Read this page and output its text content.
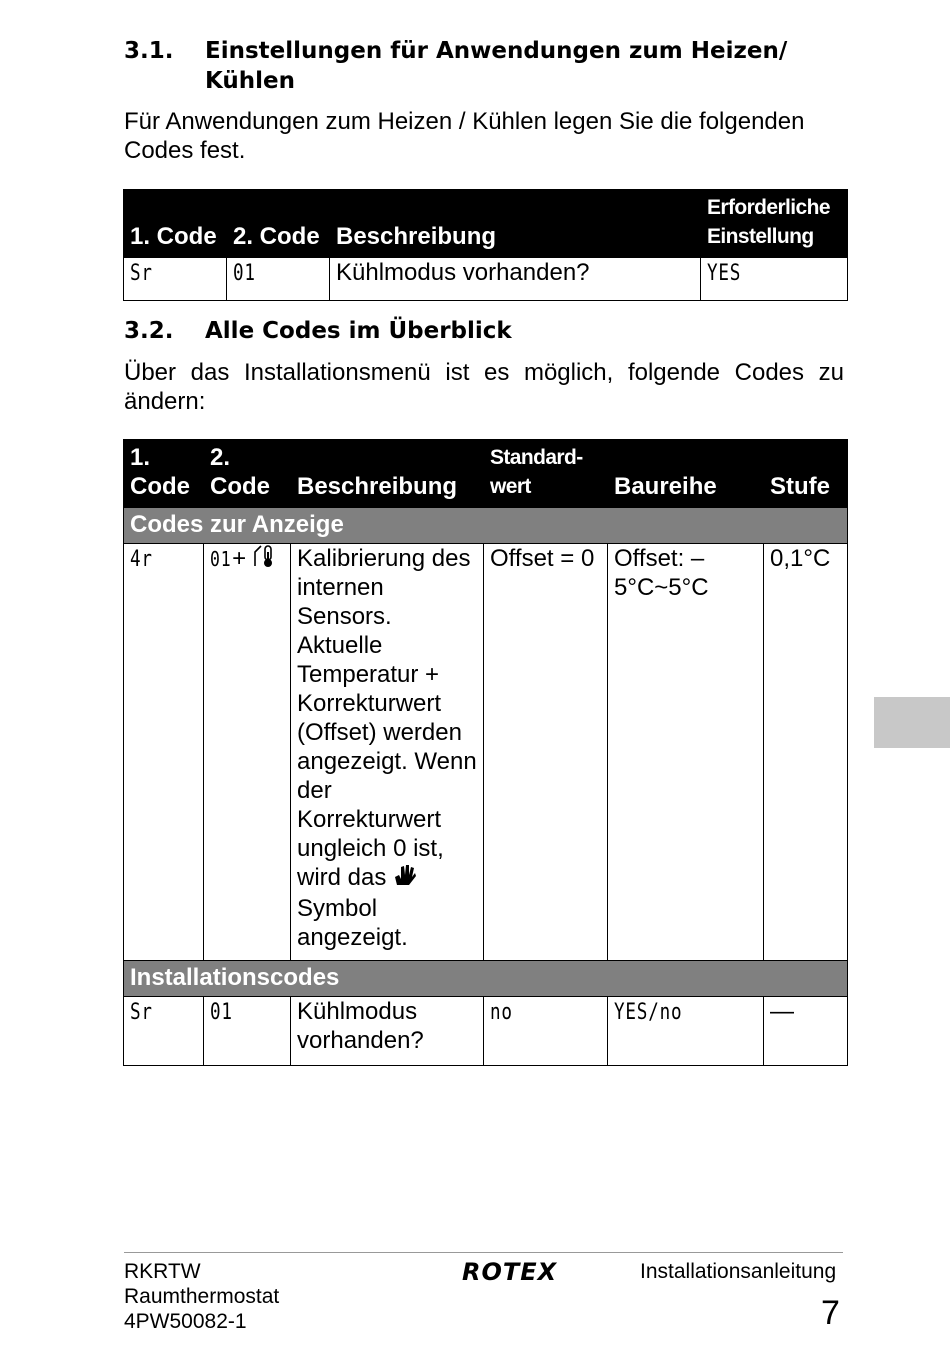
3.1. Einstellungen für Anwendungen zum Heizen/ Kühlen

Für Anwendungen zum Heizen / Kühlen legen Sie die folgenden Codes fest.

1. Code	2. Code	Beschreibung	Erforderliche Einstellung
Sr	01	Kühlmodus vorhanden?	YES
3.2. Alle Codes im Überblick

Über das Installationsmenü ist es möglich, folgende Codes zu ändern:

1. Code	2. Code	Beschreibung	Standard-wert	Baureihe	Stufe
Codes zur Anzeige					
4r	01+	Kalibrierung des internen Sensors. Aktuelle Temperatur + Korrekturwert (Offset) werden angezeigt. Wenn der Korrekturwert ungleich 0 ist, wird das  Symbol angezeigt.	Offset = 0	Offset: –5°C~5°C	0,1°C
Installationscodes					
Sr	01	Kühlmodus vorhanden?	no	YES/no	—
RKRTW
Raumthermostat
4PW50082-1
ROTEX	Installationsanleitung
7
